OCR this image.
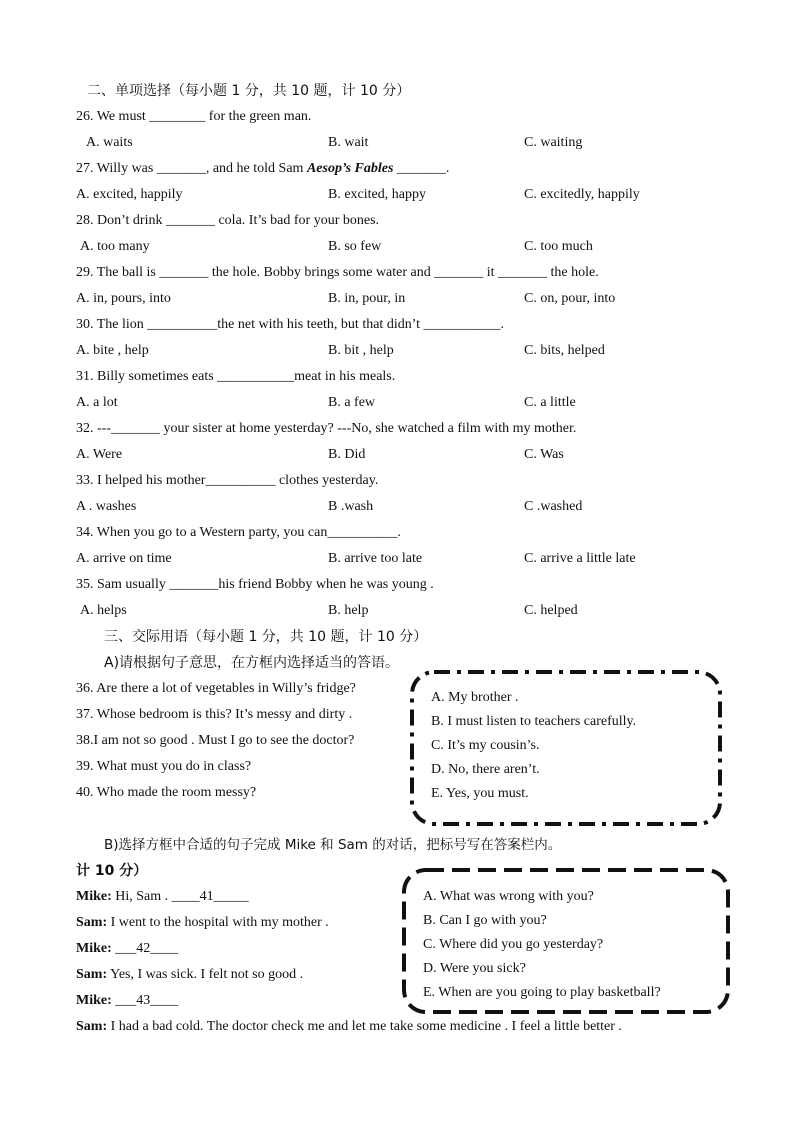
二、单项选择（每小题 1 分，共 10 题，计 10 分）
26. We must ________ for the green man.
A. waits	B. wait	C. waiting
27. Willy was _______, and he told Sam Aesop’s Fables _______.
A. excited, happily	B. excited, happy	C. excitedly, happily
28. Don’t drink _______ cola. It’s bad for your bones.
A. too many	B. so few	C. too much
29. The ball is _______ the hole. Bobby brings some water and _______ it _______ the hole.
A. in, pours, into	B. in, pour, in	C. on, pour, into
30. The lion __________the net with his teeth, but that didn’t ___________.
A. bite , help	B. bit , help	C. bits, helped
31. Billy sometimes eats ___________meat in his meals.
A. a lot	B. a few	C. a little
32. ---_______ your sister at home yesterday? ---No, she watched a film with my mother.
A. Were	B. Did	C. Was
33. I helped his mother__________ clothes yesterday.
A . washes	B .wash	C .washed
34. When you go to a Western party, you can__________.
A. arrive on time	B. arrive too late	C. arrive a little late
35. Sam usually _______his friend Bobby when he was young .
A. helps	B. help	C. helped
三、交际用语（每小题 1 分，共 10 题，计 10 分）
A)请根据句子意思，在方框内选择适当的答语。
36. Are there a lot of vegetables in Willy’s fridge?
37. Whose bedroom is this? It’s messy and dirty .
38.I am not so good . Must I go to see the doctor?
39. What must you do in class?
40. Who made the room messy?
A. My brother .
B. I must listen to teachers carefully.
C. It’s my cousin’s.
D. No, there aren’t.
E. Yes, you must.
B)选择方框中合适的句子完成 Mike 和 Sam 的对话，把标号写在答案栏内。
计 10 分）
Mike: Hi, Sam . ____41_____
Sam: I went to the hospital with my mother .
Mike: ___42____
Sam: Yes, I was sick. I felt not so good .
Mike: ___43____
Sam: I had a bad cold. The doctor check me and let me take some medicine . I feel a little better .
A. What was wrong with you?
B. Can I go with you?
C. Where did you go yesterday?
D. Were you sick?
E. When are you going to play basketball?
